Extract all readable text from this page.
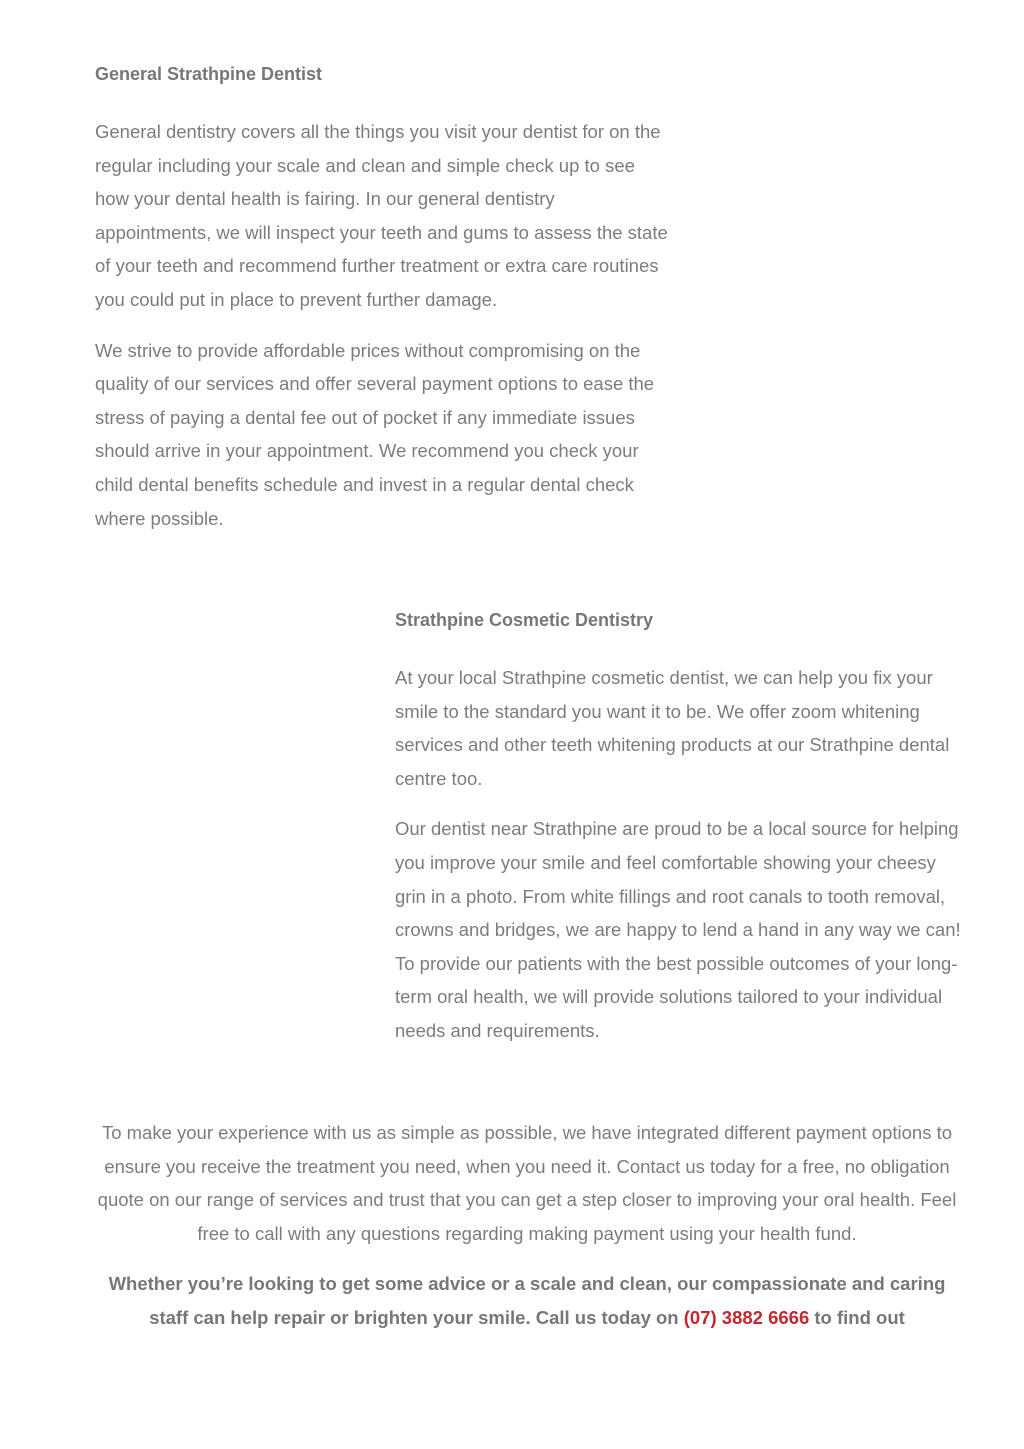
General Strathpine Dentist

General dentistry covers all the things you visit your dentist for on the regular including your scale and clean and simple check up to see how your dental health is fairing. In our general dentistry appointments, we will inspect your teeth and gums to assess the state of your teeth and recommend further treatment or extra care routines you could put in place to prevent further damage.

We strive to provide affordable prices without compromising on the quality of our services and offer several payment options to ease the stress of paying a dental fee out of pocket if any immediate issues should arrive in your appointment. We recommend you check your child dental benefits schedule and invest in a regular dental check where possible.

Strathpine Cosmetic Dentistry

At your local Strathpine cosmetic dentist, we can help you fix your smile to the standard you want it to be. We offer zoom whitening services and other teeth whitening products at our Strathpine dental centre too.

Our dentist near Strathpine are proud to be a local source for helping you improve your smile and feel comfortable showing your cheesy grin in a photo. From white fillings and root canals to tooth removal, crowns and bridges, we are happy to lend a hand in any way we can! To provide our patients with the best possible outcomes of your long-term oral health, we will provide solutions tailored to your individual needs and requirements.

To make your experience with us as simple as possible, we have integrated different payment options to ensure you receive the treatment you need, when you need it. Contact us today for a free, no obligation quote on our range of services and trust that you can get a step closer to improving your oral health. Feel free to call with any questions regarding making payment using your health fund.

Whether you’re looking to get some advice or a scale and clean, our compassionate and caring staff can help repair or brighten your smile. Call us today on (07) 3882 6666 to find out
